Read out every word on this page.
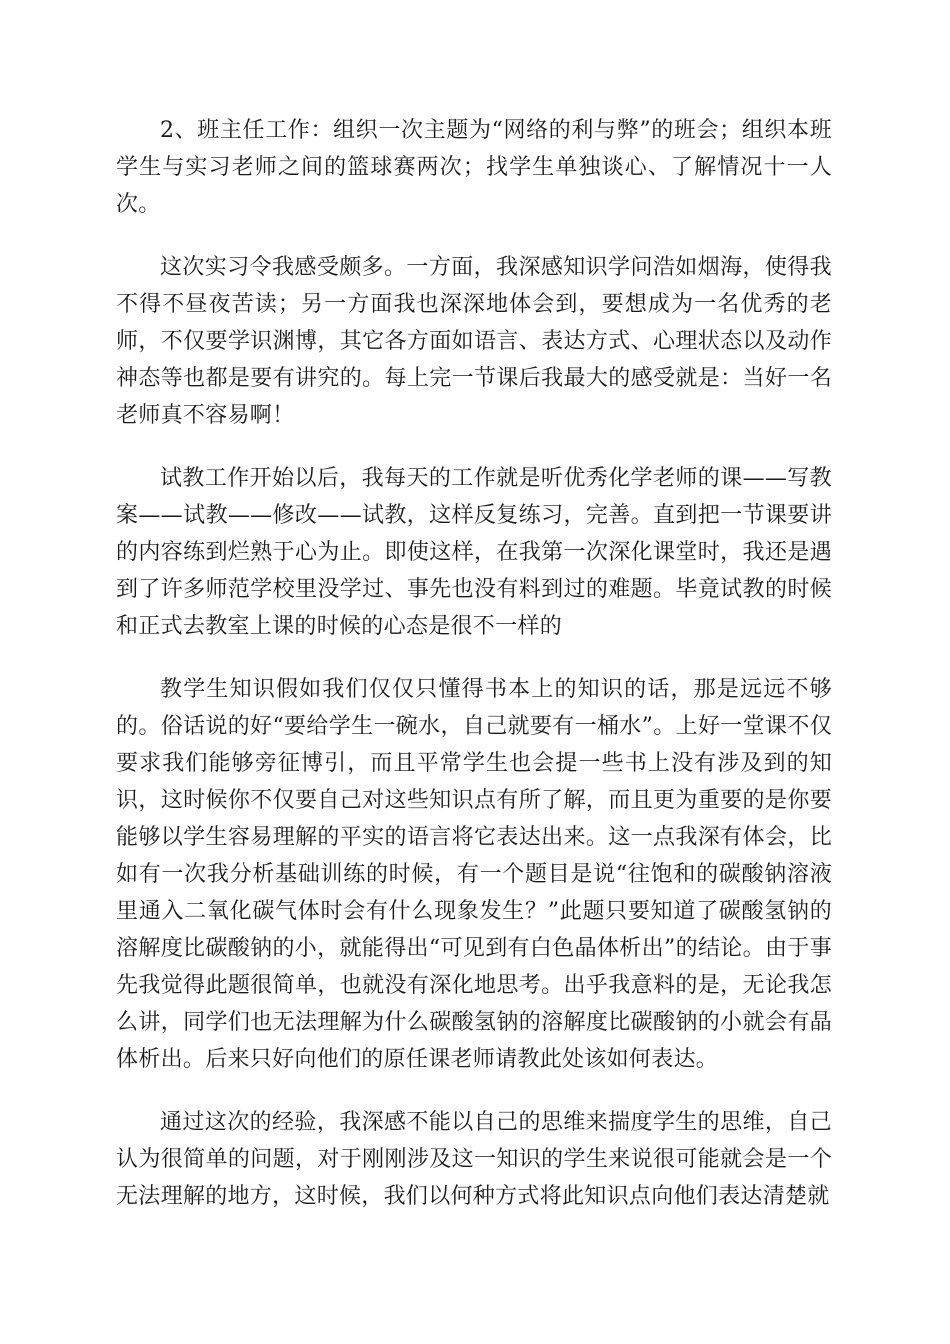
2、班主任工作：组织一次主题为“网络的利与弊”的班会；组织本班学生与实习老师之间的篮球赛两次；找学生单独谈心、了解情况十一人次。

这次实习令我感受颇多。一方面，我深感知识学问浩如烟海，使得我不得不昼夜苦读；另一方面我也深深地体会到，要想成为一名优秀的老师，不仅要学识渊博，其它各方面如语言、表达方式、心理状态以及动作神态等也都是要有讲究的。每上完一节课后我最大的感受就是：当好一名老师真不容易啊！

试教工作开始以后，我每天的工作就是听优秀化学老师的课——写教案——试教——修改——试教，这样反复练习，完善。直到把一节课要讲的内容练到烂熟于心为止。即使这样，在我第一次深化课堂时，我还是遇到了许多师范学校里没学过、事先也没有料到过的难题。毕竟试教的时候和正式去教室上课的时候的心态是很不一样的

教学生知识假如我们仅仅只懂得书本上的知识的话，那是远远不够的。俗话说的好“要给学生一碗水，自己就要有一桶水”。上好一堂课不仅要求我们能够旁征博引，而且平常学生也会提一些书上没有涉及到的知识，这时候你不仅要自己对这些知识点有所了解，而且更为重要的是你要能够以学生容易理解的平实的语言将它表达出来。这一点我深有体会，比如有一次我分析基础训练的时候，有一个题目是说“往饱和的碳酸钠溶液里通入二氧化碳气体时会有什么现象发生？”此题只要知道了碳酸氢钠的溶解度比碳酸钠的小，就能得出“可见到有白色晶体析出”的结论。由于事先我觉得此题很简单，也就没有深化地思考。出乎我意料的是，无论我怎么讲，同学们也无法理解为什么碳酸氢钠的溶解度比碳酸钠的小就会有晶体析出。后来只好向他们的原任课老师请教此处该如何表达。

通过这次的经验，我深感不能以自己的思维来揣度学生的思维，自己认为很简单的问题，对于刚刚涉及这一知识的学生来说很可能就会是一个无法理解的地方，这时候，我们以何种方式将此知识点向他们表达清楚就
